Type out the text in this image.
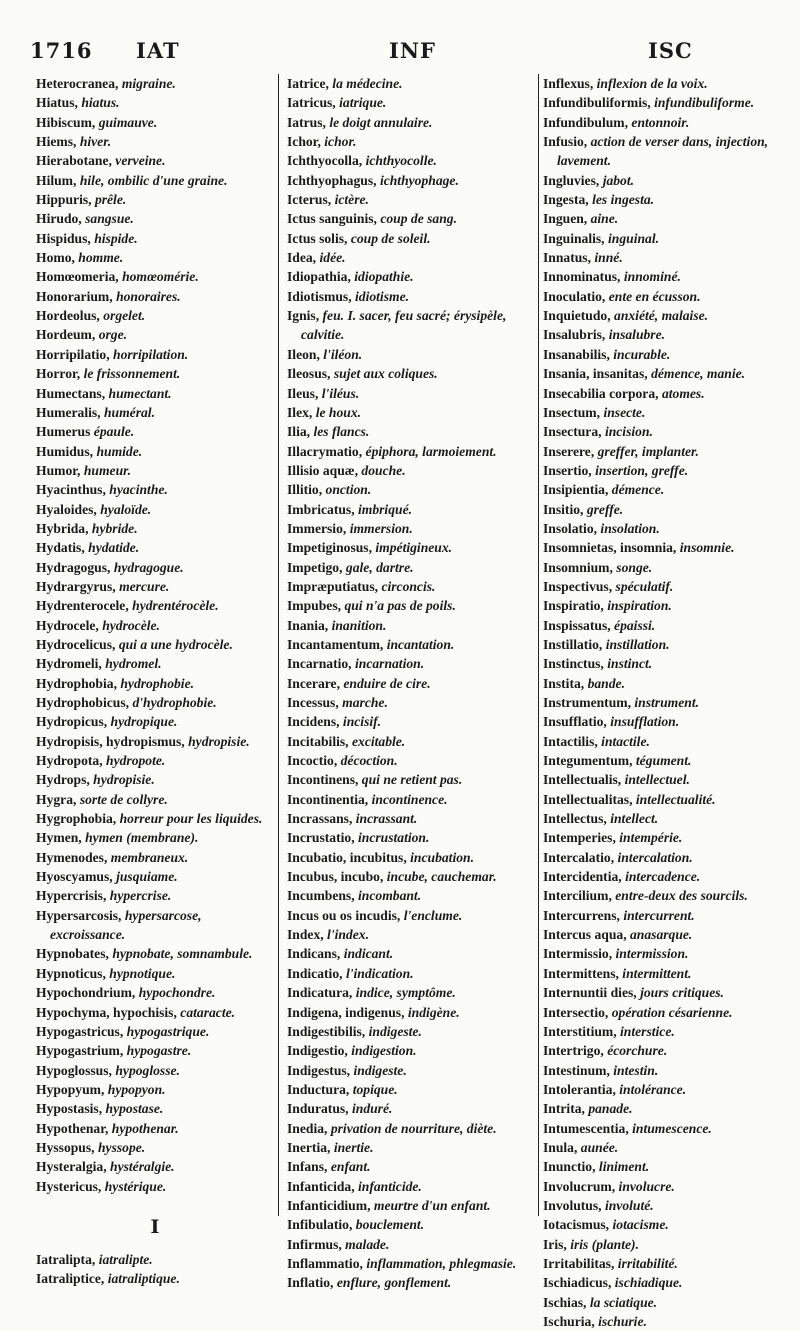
1716 IAT	INF	ISC
Heterocranea, migraine.
Hiatus, hiatus.
Hibiscum, guimauve.
Hiems, hiver.
Hierabotane, verveine.
Hilum, hile, ombilic d'une graine.
Hippuris, prêle.
Hirudo, sangsue.
Hispidus, hispide.
Homo, homme.
Homœomeria, homœomérie.
Honorarium, honoraires.
Hordeolus, orgelet.
Hordeum, orge.
Horripilatio, horripilation.
Horror, le frissonnement.
Humectans, humectant.
Humeralis, huméral.
Humerus épaule.
Humidus, humide.
Humor, humeur.
Hyacinthus, hyacinthe.
Hyaloides, hyaloïde.
Hybrida, hybride.
Hydatis, hydatide.
Hydragogus, hydragogue.
Hydrargyrus, mercure.
Hydrenterocele, hydrentérocèle.
Hydrocele, hydrocèle.
Hydrocelicus, qui a une hydrocèle.
Hydromeli, hydromel.
Hydrophobia, hydrophobie.
Hydrophobicus, d'hydrophobie.
Hydropicus, hydropique.
Hydropisis, hydropismus, hydropisie.
Hydropota, hydropote.
Hydrops, hydropisie.
Hygra, sorte de collyre.
Hygrophobia, horreur pour les liquides.
Hymen, hymen (membrane).
Hymenodes, membraneux.
Hyoscyamus, jusquiame.
Hypercrisis, hypercrise.
Hypersarcosis, hypersarcose, excroissance.
Hypnobates, hypnobate, somnambule.
Hypnoticus, hypnotique.
Hypochondrium, hypochondre.
Hypochyma, hypochisis, cataracte.
Hypogastricus, hypogastrique.
Hypogastrium, hypogastre.
Hypoglossus, hypoglosse.
Hypopyum, hypopyon.
Hypostasis, hypostase.
Hypothenar, hypothenar.
Hyssopus, hyssope.
Hysteralgia, hystéralgie.
Hystericus, hystérique.
I
Iatralipta, iatralipte.
Iatraliptice, iatraliptique.
Iatrice, la médecine.
Iatricus, iatrique.
Iatrus, le doigt annulaire.
Ichor, ichor.
Ichthyocolla, ichthyocolle.
Ichthyophagus, ichthyophage.
Icterus, ictère.
Ictus sanguinis, coup de sang.
Ictus solis, coup de soleil.
Idea, idée.
Idiopathia, idiopathie.
Idiotismus, idiotisme.
Ignis, feu. I. sacer, feu sacré; érysipèle, calvitie.
Ileon, l'iléon.
Ileosus, sujet aux coliques.
Ileus, l'iléus.
Ilex, le houx.
Ilia, les flancs.
Illacrymatio, épiphora, larmoiement.
Illisio aquæ, douche.
Illitio, onction.
Imbricatus, imbriqué.
Immersio, immersion.
Impetiginosus, impétigineux.
Impetigo, gale, dartre.
Impræputiatus, circoncis.
Impubes, qui n'a pas de poils.
Inania, inanition.
Incantamentum, incantation.
Incarnatio, incarnation.
Incerare, enduire de cire.
Incessus, marche.
Incidens, incisif.
Incitabilis, excitable.
Incoctio, décoction.
Incontinens, qui ne retient pas.
Incontinentia, incontinence.
Incrassans, incrassant.
Incrustatio, incrustation.
Incubatio, incubitus, incubation.
Incubus, incubo, incube, cauchemar.
Incumbens, incombant.
Incus ou os incudis, l'enclume.
Index, l'index.
Indicans, indicant.
Indicatio, l'indication.
Indicatura, indice, symptôme.
Indigena, indigenus, indigène.
Indigestibilis, indigeste.
Indigestio, indigestion.
Indigestus, indigeste.
Inductura, topique.
Induratus, induré.
Inedia, privation de nourriture, diète.
Inertia, inertie.
Infans, enfant.
Infanticida, infanticide.
Infanticidium, meurtre d'un enfant.
Infibulatio, bouclement.
Infirmus, malade.
Inflammatio, inflammation, phlegmasie.
Inflatio, enflure, gonflement.
Inflexus, inflexion de la voix.
Infundibuliformis, infundibuliforme.
Infundibulum, entonnoir.
Infusio, action de verser dans, injection, lavement.
Ingluvies, jabot.
Ingesta, les ingesta.
Inguen, aine.
Inguinalis, inguinal.
Innatus, inné.
Innominatus, innominé.
Inoculatio, ente en écusson.
Inquietudo, anxiété, malaise.
Insalubris, insalubre.
Insanabilis, incurable.
Insania, insanitas, démence, manie.
Insecabilia corpora, atomes.
Insectum, insecte.
Insectura, incision.
Inserere, greffer, implanter.
Insertio, insertion, greffe.
Insipientia, démence.
Insitio, greffe.
Insolatio, insolation.
Insomnietas, insomnia, insomnie.
Insomnium, songe.
Inspectivus, spéculatif.
Inspiratio, inspiration.
Inspissatus, épaissi.
Instillatio, instillation.
Instinctus, instinct.
Instita, bande.
Instrumentum, instrument.
Insufflatio, insufflation.
Intactilis, intactile.
Integumentum, tégument.
Intellectualis, intellectuel.
Intellectualitas, intellectualité.
Intellectus, intellect.
Intemperies, intempérie.
Intercalatio, intercalation.
Intercidentia, intercadence.
Intercilium, entre-deux des sourcils.
Intercurrens, intercurrent.
Intercus aqua, anasarque.
Intermissio, intermission.
Intermittens, intermittent.
Internuntii dies, jours critiques.
Intersectio, opération césarienne.
Interstitium, interstice.
Intertrigo, écorchure.
Intestinum, intestin.
Intolerantia, intolérance.
Intrita, panade.
Intumescentia, intumescence.
Inula, aunée.
Inunctio, liniment.
Involucrum, involucre.
Involutus, involuté.
Iotacismus, iotacisme.
Iris, iris (plante).
Irritabilitas, irritabilité.
Ischiadicus, ischiadique.
Ischias, la sciatique.
Ischuria, ischurie.
